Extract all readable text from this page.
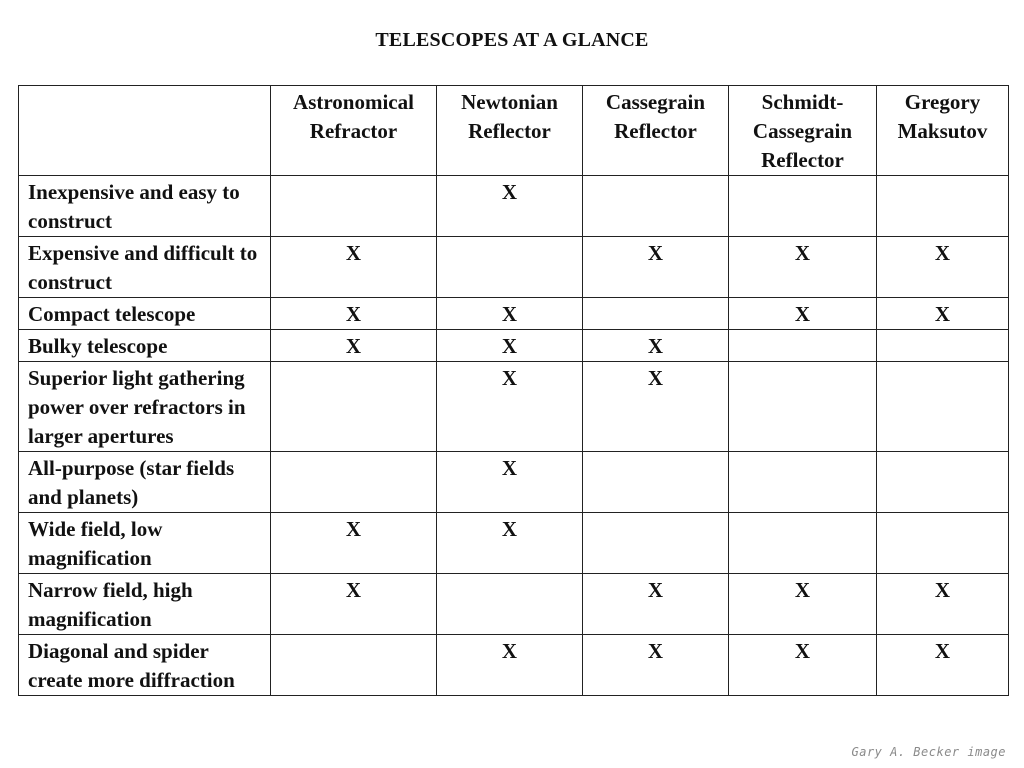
TELESCOPES AT A GLANCE
	Astronomical Refractor	Newtonian Reflector	Cassegrain Reflector	Schmidt-Cassegrain Reflector	Gregory Maksutov
Inexpensive and easy to construct		X			
Expensive and difficult to construct	X		X	X	X
Compact telescope	X	X		X	X
Bulky telescope	X	X	X		
Superior light gathering power over refractors in larger apertures		X	X		
All-purpose (star fields and planets)		X			
Wide field, low magnification	X	X			
Narrow field, high magnification	X		X	X	X
Diagonal and spider create more diffraction		X	X	X	X
Gary A. Becker image
